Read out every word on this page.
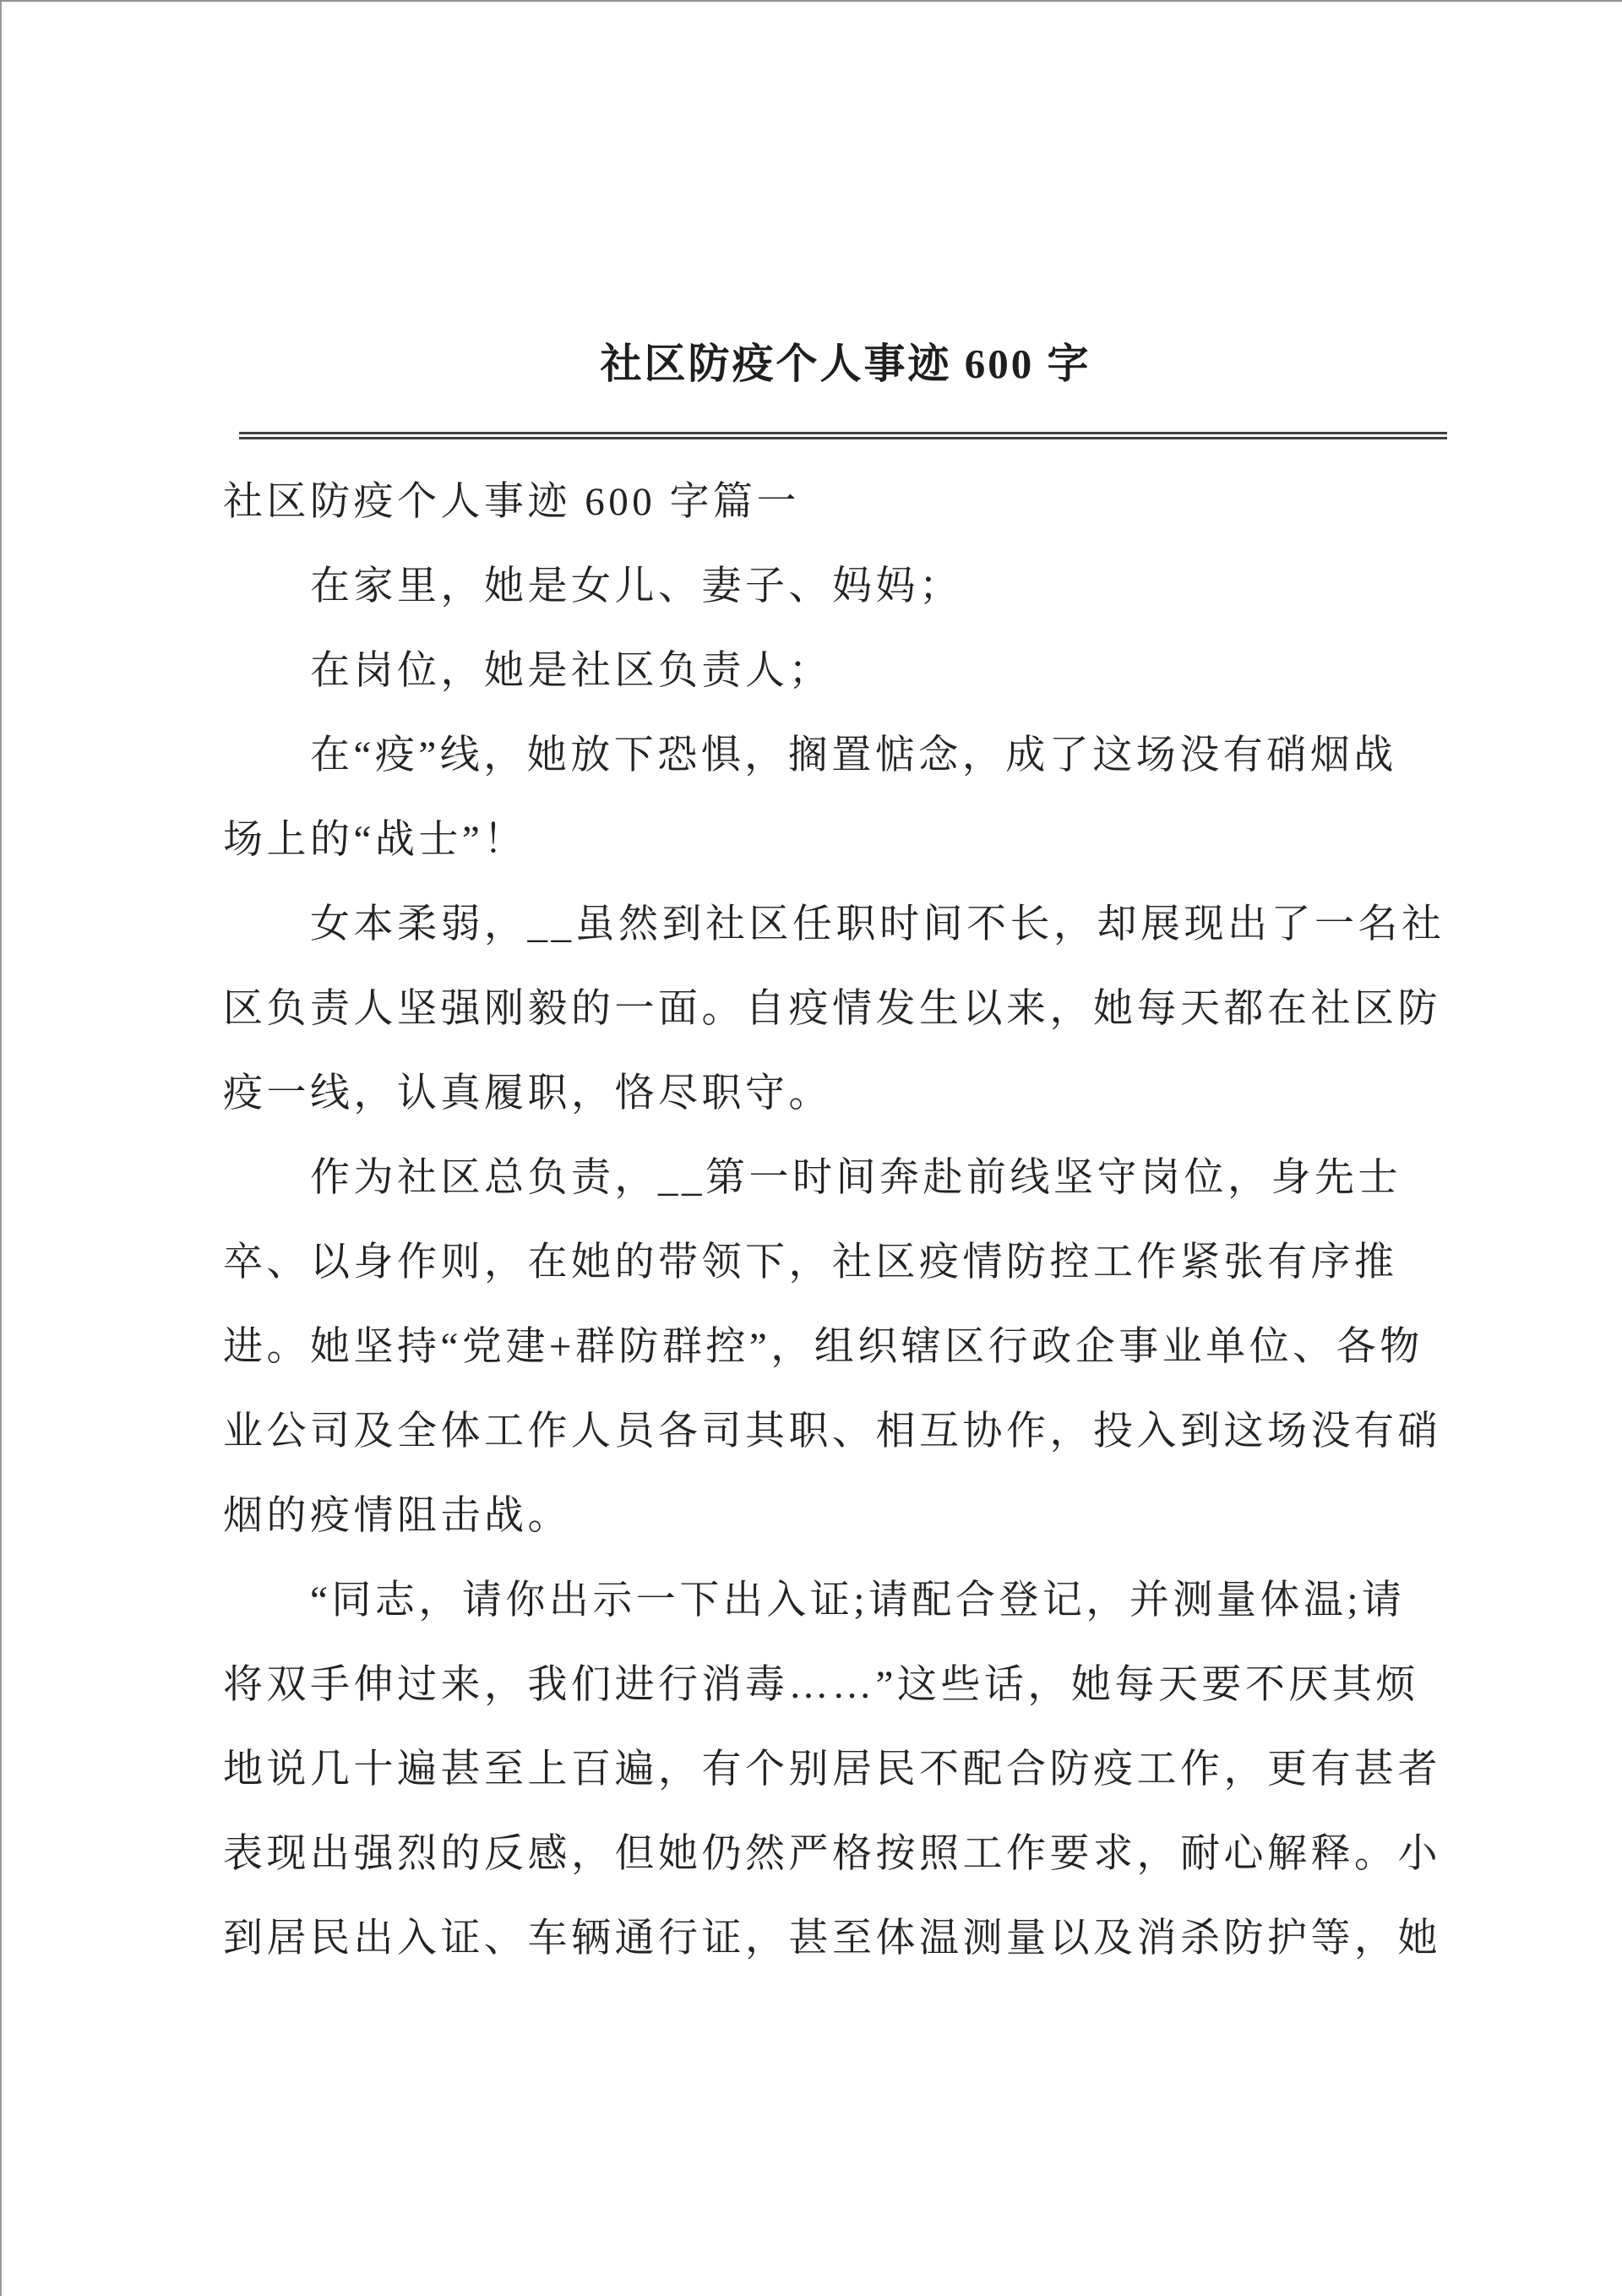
社区防疫个人事迹 600 字

社区防疫个人事迹 600 字篇一

在家里，她是女儿、妻子、妈妈；

在岗位，她是社区负责人；

在“疫”线，她放下恐惧，搁置惦念，成了这场没有硝烟战

场上的“战士”！

女本柔弱，__虽然到社区任职时间不长，却展现出了一名社

区负责人坚强刚毅的一面。自疫情发生以来，她每天都在社区防

疫一线，认真履职，恪尽职守。

作为社区总负责，__第一时间奔赴前线坚守岗位，身先士

卒、以身作则，在她的带领下，社区疫情防控工作紧张有序推

进。她坚持“党建+群防群控”，组织辖区行政企事业单位、各物

业公司及全体工作人员各司其职、相互协作，投入到这场没有硝

烟的疫情阻击战。

“同志，请你出示一下出入证;请配合登记，并测量体温;请

将双手伸过来，我们进行消毒……”这些话，她每天要不厌其烦

地说几十遍甚至上百遍，有个别居民不配合防疫工作，更有甚者

表现出强烈的反感，但她仍然严格按照工作要求，耐心解释。小

到居民出入证、车辆通行证，甚至体温测量以及消杀防护等，她
